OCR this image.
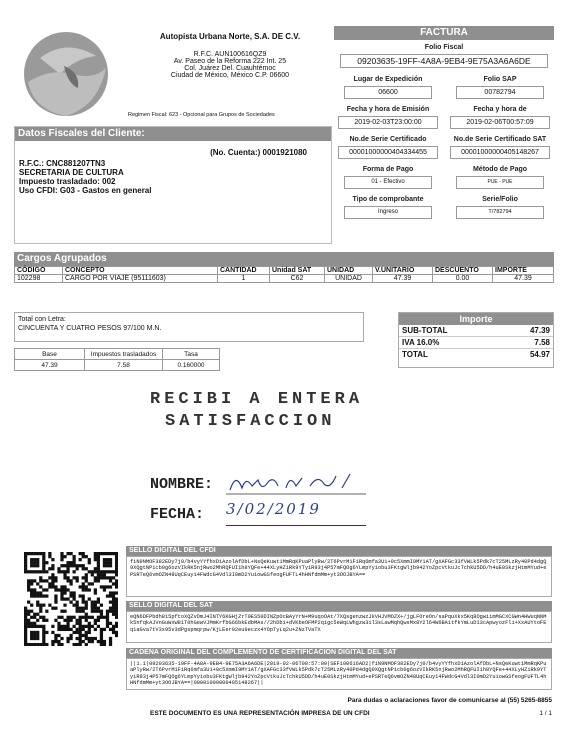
Autopista Urbana Norte, S.A. DE C.V.
R.F.C. AUN100616QZ9
Av. Paseo de la Reforma 222 Int. 25
Col. Juárez Del. Cuauhtémoc
Ciudad de México, México C.P. 06600
Regimen Fiscal: 623 - Opcional para Grupos de Sociedades
FACTURA
Folio Fiscal
09203635-19FF-4A8A-9EB4-9E75A3A6A6DE
Lugar de Expedición
06600
Folio SAP
00782794
Fecha y hora de Emisión
2019-02-03T23:00:00
Fecha y hora de
2019-02-06T00:57:09
No.de Serie Certificado
00001000000404334455
No.de Serie Certificado SAT
00001000000405148267
Forma de Pago
01 - Efectivo
Método de Pago
PUE - PUE
Tipo de comprobante
Ingreso
Serie/Folio
T/782794
Datos Fiscales del Cliente:
(No. Cuenta:) 0001921080
R.F.C.: CNC881207TN3
SECRETARIA DE CULTURA
Impuesto trasladado: 002
Uso CFDI: G03 - Gastos en general
Cargos Agrupados
CÓDIGO	CONCEPTO	CANTIDAD	Unidad SAT	UNIDAD	V.UNITARIO	DESCUENTO	IMPORTE
102298	CARGO POR VIAJE (95111603)	1	C62	UNIDAD	47.39	0.00	47.39
Total con Letra:
CINCUENTA Y CUATRO PESOS 97/100 M.N.
Base	Impuestos trasladados	Tasa
47.39	7.58	0.160000
Importe
SUB-TOTAL	47.39
IVA 16.0%	7.58
TOTAL	54.97
RECIBI A ENTERA
SATISFACCION
NOMBRE:
FECHA: 3/02/2019
SELLO DIGITAL DEL CFDI
fiN9NMOF382EDy7j0/b4vyYYfhxDiAzolAfDbL+NsQeKuwt1MmRqKPuaPlyRw/2T6PvrM1FiRq6mfa3U1+0c5XmmI9MY1AT/gXAFGc33fVWLk5Pdk7cT25MLzRy40Pd4dgQ9XQgtNPicb0g6ozVIkRK5njRwo2MhRQFUI1h8YQFe+44XLyHZiRk9YTyiR93j4P57mFQOg6YLmpYyiobu3FKtgWljb942YoZpcVtkuJcTchkU5DD/h4uE0SkzjHtmMYud+ePSRTeQ6vmOZN48UqCEuy14FWdcG4Vdl3I0mD2YuiowGSfeogFUFTL4hHNfdmMm+yt3OOJBYA==
SELLO DIGITAL DEL SAT
eQN6DFPbdh815pftoXQZvDmJ4INTY6KGHjZrT0ES50DINZpOcBAyYrN+M9uqoOAt/7XQsgenzwzJkVHJVMOZX+/jgLFOreOn/saPquXkx5Kq8OgwiimMGCXCGWn4HWuqNNMk5nfqkAJVnGuWxW81T0hGewVJMmKrfbG66bkEdbMAs//2hDb1+dVKbeOFMP2qigc5eWqLWhgzw3il3sLawMqhQwsMx8Y2l64W6BA1tfkYmLuD13cApwyozFli+XxAUYtoFEq1aGva7tV3x95v3dPgspmqrpw/KjLEer02eu9eczx4YOpTyLq2u+ZNzTVaTX
CADENA ORIGINAL DEL COMPLEMENTO DE CERTIFICACION DIGITAL DEL SAT
||1.1|09203635-19FF-4A8A-9EB4-9E75A3A6A6DE|2019-02-06T00:57:09|SEF100616AD2|fiN9NMOF382EDy7j0/b4vyYYfhxDiAzolAfDbL+NsQeKuwt1MmRqKPuaPlyRw/2T6PvrM1FiRq6mfa3U1+0c5XmmI9MY1AT/gXAFGc33fVWLk5Pdk7cT25MLzRy40Pd4dgQ9XQgtNPicb0g6ozVIkRK5njRwo2MhRQFUI1h8YQFe+44XLyHZiRk9YTyiR93j4P57mFQOg6YLmpYyiobu3FKtgWljb942YoZpcVtkuJcTchkU5DD/h4uE0SkzjHtmMYud+ePSRTeQ6vmOZN48UqCEuy14FWdcG4Vdl3I0mD2YuiowGSfeogFUFTL4hHNfdmMm+yt3OOJBYA==|00001000000405148267||
Para dudas o aclaraciones favor de comunicarse al (55) 5265-8855
ESTE DOCUMENTO ES UNA REPRESENTACIÓN IMPRESA DE UN CFDI	1 / 1
